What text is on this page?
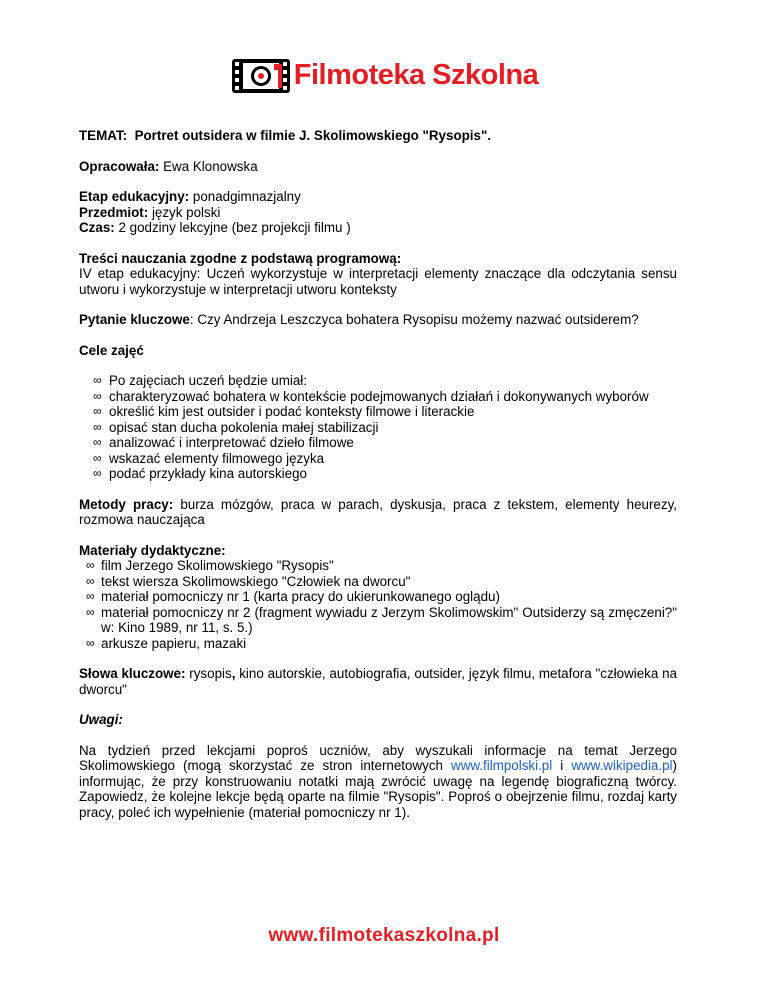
Filmoteka Szkolna

TEMAT: Portret outsidera w filmie J. Skolimowskiego "Rysopis".

Opracowała: Ewa Klonowska

Etap edukacyjny: ponadgimnazjalny
Przedmiot: język polski
Czas: 2 godziny lekcyjne (bez projekcji filmu )
Treści nauczania zgodne z podstawą programową:
IV etap edukacyjny: Uczeń wykorzystuje w interpretacji elementy znaczące dla odczytania sensu utworu i wykorzystuje w interpretacji utworu konteksty

Pytanie kluczowe: Czy Andrzeja Leszczyca bohatera Rysopisu możemy nazwać outsiderem?

Cele zajęć

∞ Po zajęciach uczeń będzie umiał:
∞ charakteryzować bohatera w kontekście podejmowanych działań i dokonywanych wyborów
∞ określić kim jest outsider i podać konteksty filmowe i literackie
∞ opisać stan ducha pokolenia małej stabilizacji
∞ analizować i interpretować dzieło filmowe
∞ wskazać elementy filmowego języka
∞ podać przykłady kina autorskiego

Metody pracy: burza mózgów, praca w parach, dyskusja, praca z tekstem, elementy heurezy, rozmowa nauczająca

Materiały dydaktyczne:
∞ film Jerzego Skolimowskiego "Rysopis"
∞ tekst wiersza Skolimowskiego "Człowiek na dworcu"
∞ materiał pomocniczy nr 1 (karta pracy do ukierunkowanego oglądu)
∞ materiał pomocniczy nr 2 (fragment wywiadu z Jerzym Skolimowskim" Outsiderzy są zmęczeni?" w: Kino 1989, nr 11, s. 5.)
∞ arkusze papieru, mazaki

Słowa kluczowe: rysopis, kino autorskie, autobiografia, outsider, język filmu, metafora "człowieka na dworcu"

Uwagi:

Na tydzień przed lekcjami poproś uczniów, aby wyszukali informacje na temat Jerzego Skolimowskiego (mogą skorzystać ze stron internetowych www.filmpolski.pl i www.wikipedia.pl) informując, że przy konstruowaniu notatki mają zwrócić uwagę na legendę biograficzną twórcy. Zapowiedz, że kolejne lekcje będą oparte na filmie "Rysopis". Poproś o obejrzenie filmu, rozdaj karty pracy, poleć ich wypełnienie (materiał pomocniczy nr 1).

www.filmotekaszkolna.pl
